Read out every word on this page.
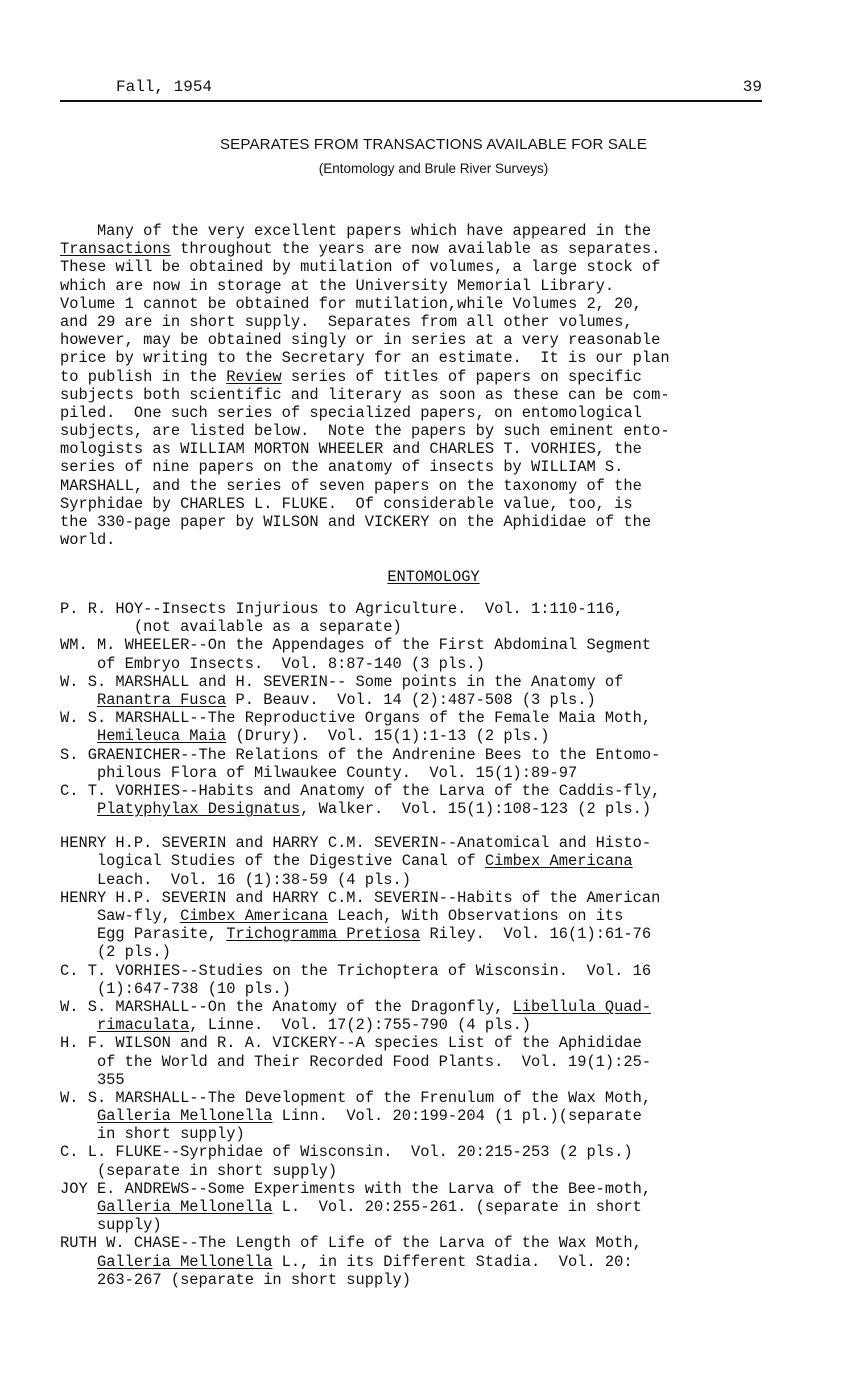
Fall, 1954	39
SEPARATES FROM TRANSACTIONS AVAILABLE FOR SALE
(Entomology and Brule River Surveys)
Many of the very excellent papers which have appeared in the
Transactions throughout the years are now available as separates.
These will be obtained by mutilation of volumes, a large stock of
which are now in storage at the University Memorial Library.
Volume 1 cannot be obtained for mutilation,while Volumes 2, 20,
and 29 are in short supply.  Separates from all other volumes,
however, may be obtained singly or in series at a very reasonable
price by writing to the Secretary for an estimate.  It is our plan
to publish in the Review series of titles of papers on specific
subjects both scientific and literary as soon as these can be com-
piled.  One such series of specialized papers, on entomological
subjects, are listed below.  Note the papers by such eminent ento-
mologists as WILLIAM MORTON WHEELER and CHARLES T. VORHIES, the
series of nine papers on the anatomy of insects by WILLIAM S.
MARSHALL, and the series of seven papers on the taxonomy of the
Syrphidae by CHARLES L. FLUKE.  Of considerable value, too, is
the 330-page paper by WILSON and VICKERY on the Aphididae of the
world.
ENTOMOLOGY
P. R. HOY--Insects Injurious to Agriculture.  Vol. 1:110-116,
(not available as a separate)
WM. M. WHEELER--On the Appendages of the First Abdominal Segment
of Embryo Insects.  Vol. 8:87-140 (3 pls.)
W. S. MARSHALL and H. SEVERIN-- Some points in the Anatomy of
Ranantra Fusca P. Beauv.  Vol. 14 (2):487-508 (3 pls.)
W. S. MARSHALL--The Reproductive Organs of the Female Maia Moth,
Hemileuca Maia (Drury).  Vol. 15(1):1-13 (2 pls.)
S. GRAENICHER--The Relations of the Andrenine Bees to the Entomo-
philous Flora of Milwaukee County.  Vol. 15(1):89-97
C. T. VORHIES--Habits and Anatomy of the Larva of the Caddis-fly,
Platyphylax Designatus, Walker.  Vol. 15(1):108-123 (2 pls.)
HENRY H.P. SEVERIN and HARRY C.M. SEVERIN--Anatomical and Histo-
logical Studies of the Digestive Canal of Cimbex Americana
Leach.  Vol. 16 (1):38-59 (4 pls.)
HENRY H.P. SEVERIN and HARRY C.M. SEVERIN--Habits of the American
Saw-fly, Cimbex Americana Leach, With Observations on its
Egg Parasite, Trichogramma Pretiosa Riley.  Vol. 16(1):61-76
(2 pls.)
C. T. VORHIES--Studies on the Trichoptera of Wisconsin.  Vol. 16
(1):647-738 (10 pls.)
W. S. MARSHALL--On the Anatomy of the Dragonfly, Libellula Quad-
rimaculata, Linne.  Vol. 17(2):755-790 (4 pls.)
H. F. WILSON and R. A. VICKERY--A species List of the Aphididae
of the World and Their Recorded Food Plants.  Vol. 19(1):25-
355
W. S. MARSHALL--The Development of the Frenulum of the Wax Moth,
Galleria Mellonella Linn.  Vol. 20:199-204 (1 pl.)(separate
in short supply)
C. L. FLUKE--Syrphidae of Wisconsin.  Vol. 20:215-253 (2 pls.)
(separate in short supply)
JOY E. ANDREWS--Some Experiments with the Larva of the Bee-moth,
Galleria Mellonella L.  Vol. 20:255-261. (separate in short
supply)
RUTH W. CHASE--The Length of Life of the Larva of the Wax Moth,
Galleria Mellonella L., in its Different Stadia.  Vol. 20:
263-267 (separate in short supply)
